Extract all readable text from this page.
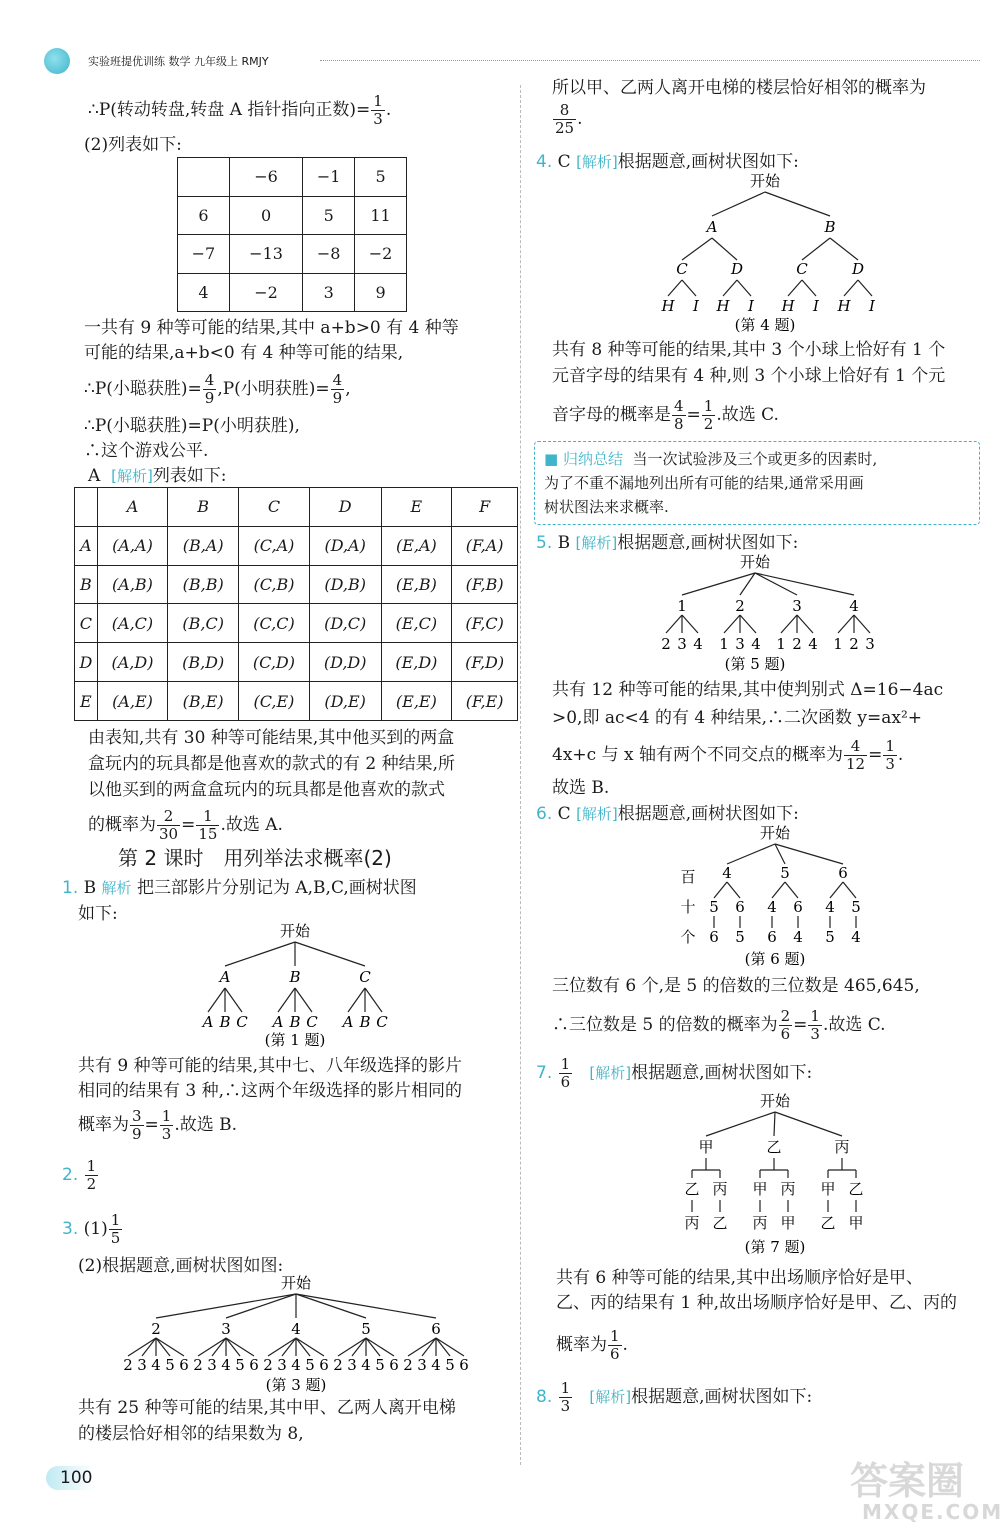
实验班提优训练 数学 九年级上 RMJY
∴P(转动转盘,转盘 A 指针指向正数)= $\frac{1}{3}$ .
(2)列表如下:
	−6	−1	5
6	0	5	11
−7	−13	−8	−2
4	−2	3	9
一共有 9 种等可能的结果,其中 a+b>0 有 4 种等
可能的结果,a+b<0 有 4 种等可能的结果,
∴P(小聪获胜)= $\frac{4}{9} ,P$(小明获胜)= $\frac{4}{9}$ ,
∴P(小聪获胜)=P(小明获胜),
∴这个游戏公平.
A [解析]列表如下:
	A	B	C	D	E	F
A	(A,A)	(B,A)	(C,A)	(D,A)	(E,A)	(F,A)
B	(A,B)	(B,B)	(C,B)	(D,B)	(E,B)	(F,B)
C	(A,C)	(B,C)	(C,C)	(D,C)	(E,C)	(F,C)
D	(A,D)	(B,D)	(C,D)	(D,D)	(E,D)	(F,D)
E	(A,E)	(B,E)	(C,E)	(D,E)	(E,E)	(F,E)
由表知,共有 30 种等可能结果,其中他买到的两盒
盒玩内的玩具都是他喜欢的款式的有 2 种结果,所
以他买到的两盒盒玩内的玩具都是他喜欢的款式
的概率为 $\frac{2}{30} = \frac{1}{15}$ .故选 A.
第 2 课时　用列举法求概率(2)
1. B 解析 把三部影片分别记为 A,B,C,画树状图
如下:
开始
A
A B C
B
A B C
C
A B C
(第 1 题)
共有 9 种等可能的结果,其中七、八年级选择的影片
相同的结果有 3 种,∴这两个年级选择的影片相同的
概率为 $\frac{3}{9} = \frac{1}{3}$ .故选 B.
2. $\frac{1}{2}$
3. $(1) \frac{1}{5}$
(2)根据题意,画树状图如图:
开始
2
2 3 4 5 6
3
2 3 4 5 6
4
2 3 4 5 6
5
2 3 4 5 6
6
2 3 4 5 6
(第 3 题)
共有 25 种等可能的结果,其中甲、乙两人离开电梯
的楼层恰好相邻的结果数为 8,
100
所以甲、乙两人离开电梯的楼层恰好相邻的概率为
$\frac{8}{25}$ .
4. C [解析]根据题意,画树状图如下:
开始
A
C
H I
D
H I
B
C
H I
D
H I
(第 4 题)
共有 8 种等可能的结果,其中 3 个小球上恰好有 1 个
元音字母的结果有 4 种,则 3 个小球上恰好有 1 个元
音字母的概率是 $\frac{4}{8} = \frac{1}{2}$ .故选 C.
■ 归纳总结 当一次试验涉及三个或更多的因素时,
为了不重不漏地列出所有可能的结果,通常采用画
树状图法来求概率.
5. B [解析]根据题意,画树状图如下:
开始
1
2 3 4
2
1 3 4
3
1 2 4
4
1 2 3
(第 5 题)
共有 12 种等可能的结果,其中使判别式 Δ=16−4ac
>0,即 ac<4 的有 4 种结果,∴二次函数 y=ax²+
4x+c 与 x 轴有两个不同交点的概率为 $\frac{4}{12} = \frac{1}{3}$ .
故选 B.
6. C [解析]根据题意,画树状图如下:
开始
百
十
个
4
5
6
6
5
5
4
6
6
4
6
4
5
5
4
(第 6 题)
三位数有 6 个,是 5 的倍数的三位数是 465,645,
∴三位数是 5 的倍数的概率为 $\frac{2}{6} = \frac{1}{3}$ .故选 C.
7. $\frac{1}{6}$ [解析]根据题意,画树状图如下:
开始
甲
乙
丙
丙
乙
乙
甲
丙
丙
甲
丙
甲
乙
乙
甲
(第 7 题)
共有 6 种等可能的结果,其中出场顺序恰好是甲、
乙、丙的结果有 1 种,故出场顺序恰好是甲、乙、丙的
概率为 $\frac{1}{6}$ .
8. $\frac{1}{3}$ [解析]根据题意,画树状图如下:
答案圈
MXQE.COM
